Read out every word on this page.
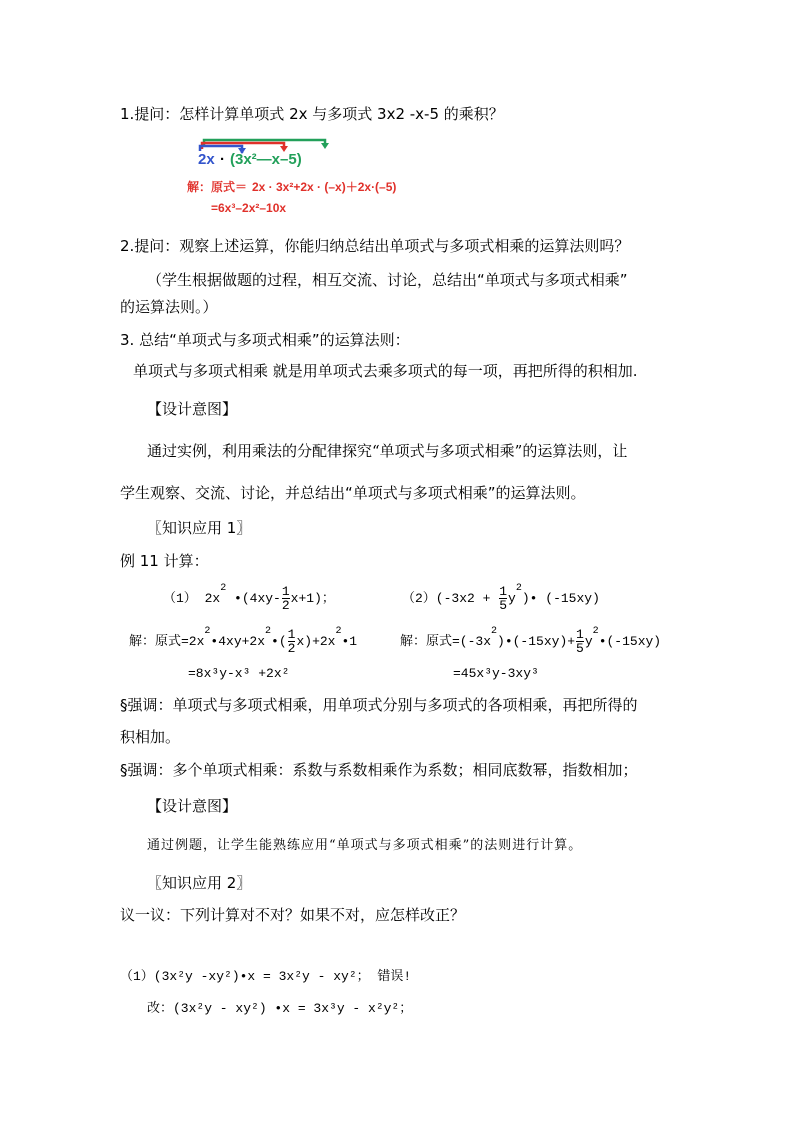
1.提问：怎样计算单项式 2x 与多项式 3x2 -x-5 的乘积？
2x · (3x²—x–5)
解：原式＝ 2x · 3x²+2x · (–x)＋2x·(–5)
=6x³–2x²–10x
2.提问：观察上述运算，你能归纳总结出单项式与多项式相乘的运算法则吗？
（学生根据做题的过程，相互交流、讨论，总结出“单项式与多项式相乘”
的运算法则。）
3. 总结“单项式与多项式相乘”的运算法则：
单项式与多项式相乘 就是用单项式去乘多项式的每一项，再把所得的积相加.
【设计意图】
通过实例，利用乘法的分配律探究“单项式与多项式相乘”的运算法则，让
学生观察、交流、讨论，并总结出“单项式与多项式相乘”的运算法则。
〖知识应用 1〗
例 11 计算：
（1） $2x^2$ •(4xy- $\frac{1}{2} x+1$)；	$(2)(-3x2 + \frac{1}{5}$ $y^2)•$ (-15xy)
解：原式$=2x^2•4xy+2x^2•( \frac{1}{2}$ $x)+2x^2•1$	解：原式$=(-3x^2)•(-15xy)+ \frac{1}{5}$ $y^2•(-15xy)$
=8x³y-x³ +2x²	=45x³y-3xy³
§强调：单项式与多项式相乘，用单项式分别与多项式的各项相乘，再把所得的
积相加。
§强调：多个单项式相乘：系数与系数相乘作为系数；相同底数幂，指数相加；
【设计意图】
通过例题，让学生能熟练应用“单项式与多项式相乘”的法则进行计算。
〖知识应用 2〗
议一议：下列计算对不对？如果不对，应怎样改正？
（1）(3x²y -xy²)•x = 3x²y - xy²； 错误!
改：(3x²y - xy²) •x = 3x³y - x²y²；
